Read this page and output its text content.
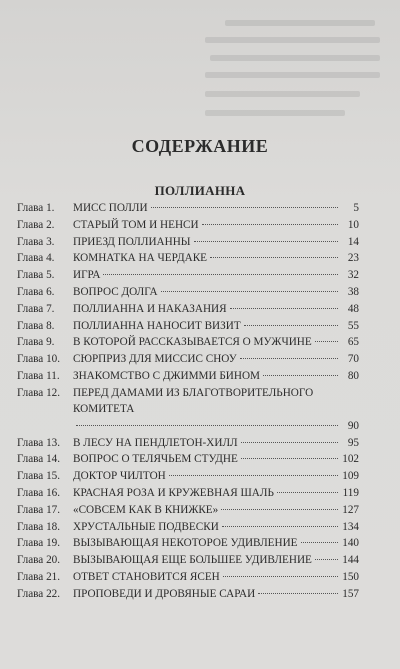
СОДЕРЖАНИЕ
ПОЛЛИАННА
Глава 1.	МИСС ПОЛЛИ	5
Глава 2.	СТАРЫЙ ТОМ И НЕНСИ	10
Глава 3.	ПРИЕЗД ПОЛЛИАННЫ	14
Глава 4.	КОМНАТКА НА ЧЕРДАКЕ	23
Глава 5.	ИГРА	32
Глава 6.	ВОПРОС ДОЛГА	38
Глава 7.	ПОЛЛИАННА И НАКАЗАНИЯ	48
Глава 8.	ПОЛЛИАННА НАНОСИТ ВИЗИТ	55
Глава 9.	В КОТОРОЙ РАССКАЗЫВАЕТСЯ О МУЖЧИНЕ	65
Глава 10.	СЮРПРИЗ ДЛЯ МИССИС СНОУ	70
Глава 11.	ЗНАКОМСТВО С ДЖИММИ БИНОМ	80
Глава 12.	ПЕРЕД ДАМАМИ ИЗ БЛАГОТВОРИТЕЛЬНОГО
КОМИТЕТА
90
Глава 13.	В ЛЕСУ НА ПЕНДЛЕТОН-ХИЛЛ	95
Глава 14.	ВОПРОС О ТЕЛЯЧЬЕМ СТУДНЕ	102
Глава 15.	ДОКТОР ЧИЛТОН	109
Глава 16.	КРАСНАЯ РОЗА И КРУЖЕВНАЯ ШАЛЬ	119
Глава 17.	«СОВСЕМ КАК В КНИЖКЕ»	127
Глава 18.	ХРУСТАЛЬНЫЕ ПОДВЕСКИ	134
Глава 19.	ВЫЗЫВАЮЩАЯ НЕКОТОРОЕ УДИВЛЕНИЕ	140
Глава 20.	ВЫЗЫВАЮЩАЯ ЕЩЕ БОЛЬШЕЕ УДИВЛЕНИЕ	144
Глава 21.	ОТВЕТ СТАНОВИТСЯ ЯСЕН	150
Глава 22.	ПРОПОВЕДИ И ДРОВЯНЫЕ САРАИ	157
